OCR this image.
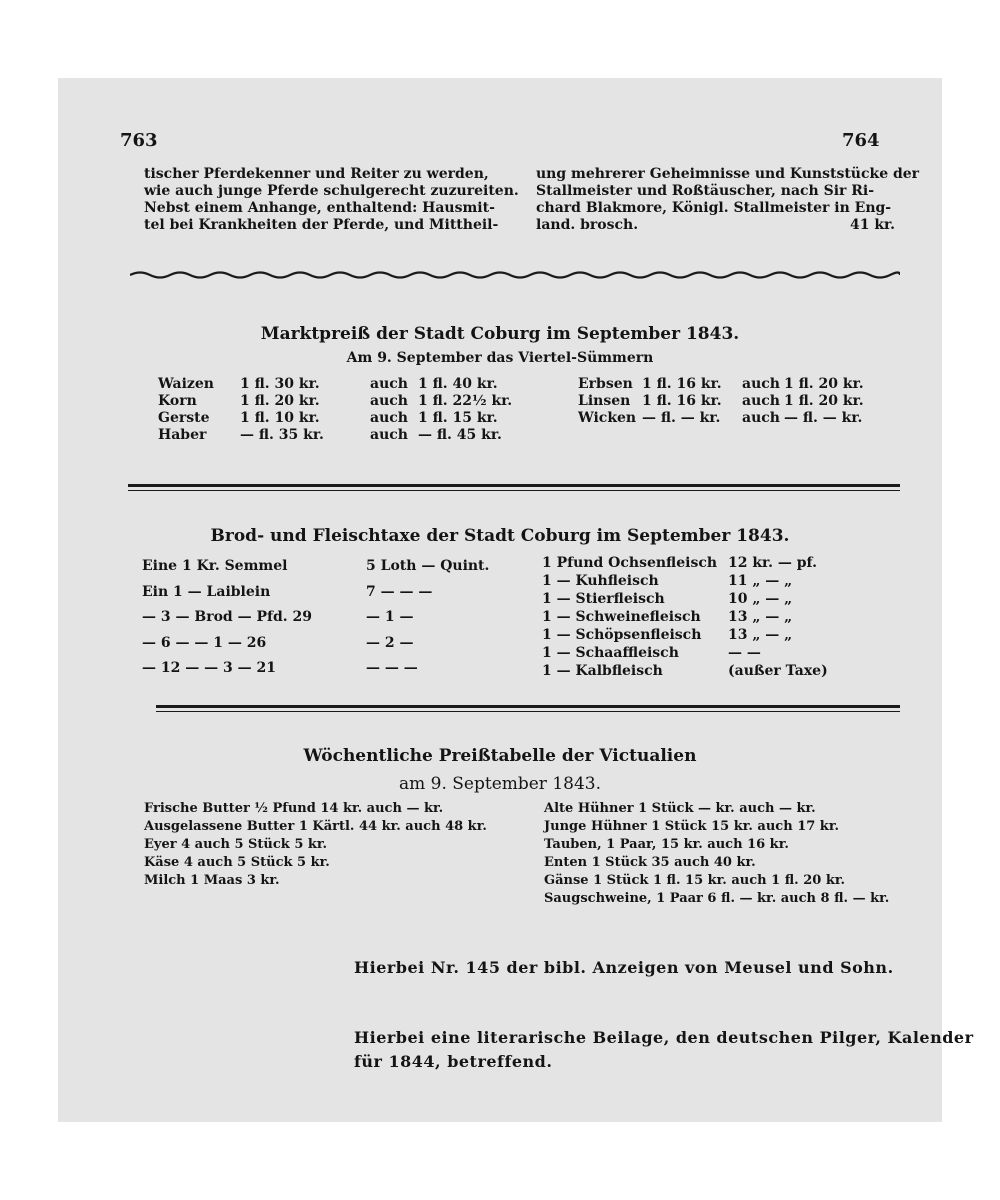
763	764
tischer Pferdekenner und Reiter zu werden,
wie auch junge Pferde schulgerecht zuzureiten.
Nebst einem Anhange, enthaltend: Hausmit-
tel bei Krankheiten der Pferde, und Mittheil-
ung mehrerer Geheimnisse und Kunststücke der
Stallmeister und Roßtäuscher, nach Sir Ri-
chard Blakmore, Königl. Stallmeister in Eng-
land. brosch.	41 kr.
Marktpreiß der Stadt Coburg im September 1843.
Am 9. September das Viertel-Sümmern
Waizen 1 fl. 30 kr.	auch 1 fl. 40 kr.
Korn	1 fl. 20 kr.	auch 1 fl. 22½ kr.
Gerste 1 fl. 10 kr.	auch 1 fl. 15 kr.
Haber — fl. 35 kr.	auch — fl. 45 kr.
Erbsen 1 fl. 16 kr. auch 1 fl. 20 kr.
Linsen 1 fl. 16 kr. auch 1 fl. 20 kr.
Wicken — fl. — kr. auch — fl. — kr.
Brod- und Fleischtaxe der Stadt Coburg im September 1843.
Eine 1 Kr. Semmel	5 Loth — Quint.
Ein 1 — Laiblein	7 — — —
— 3 — Brod — Pfd. 29	— 1 —
— 6 — — 1 — 26	— 2 —
— 12 — — 3 — 21	— — —
1 Pfund Ochsenfleisch 12 kr. — pf.
1 — Kuhfleisch	11 „ — „
1 — Stierfleisch	10 „ — „
1 — Schweinefleisch 13 „ — „
1 — Schöpsenfleisch 13 „ — „
1 — Schaaffleisch	— —
1 — Kalbfleisch	(außer Taxe)
Wöchentliche Preißtabelle der Victualien
am 9. September 1843.
Frische Butter ½ Pfund 14 kr. auch — kr.
Ausgelassene Butter 1 Kärtl. 44 kr. auch 48 kr.
Eyer 4 auch 5 Stück 5 kr.
Käse 4 auch 5 Stück 5 kr.
Milch 1 Maas 3 kr.
Alte Hühner 1 Stück — kr. auch — kr.
Junge Hühner 1 Stück 15 kr. auch 17 kr.
Tauben, 1 Paar, 15 kr. auch 16 kr.
Enten 1 Stück 35 auch 40 kr.
Gänse 1 Stück 1 fl. 15 kr. auch 1 fl. 20 kr.
Saugschweine, 1 Paar 6 fl. — kr. auch 8 fl. — kr.
Hierbei Nr. 145 der bibl. Anzeigen von Meusel und Sohn.
Hierbei eine literarische Beilage, den deutschen Pilger, Kalender
für 1844, betreffend.
